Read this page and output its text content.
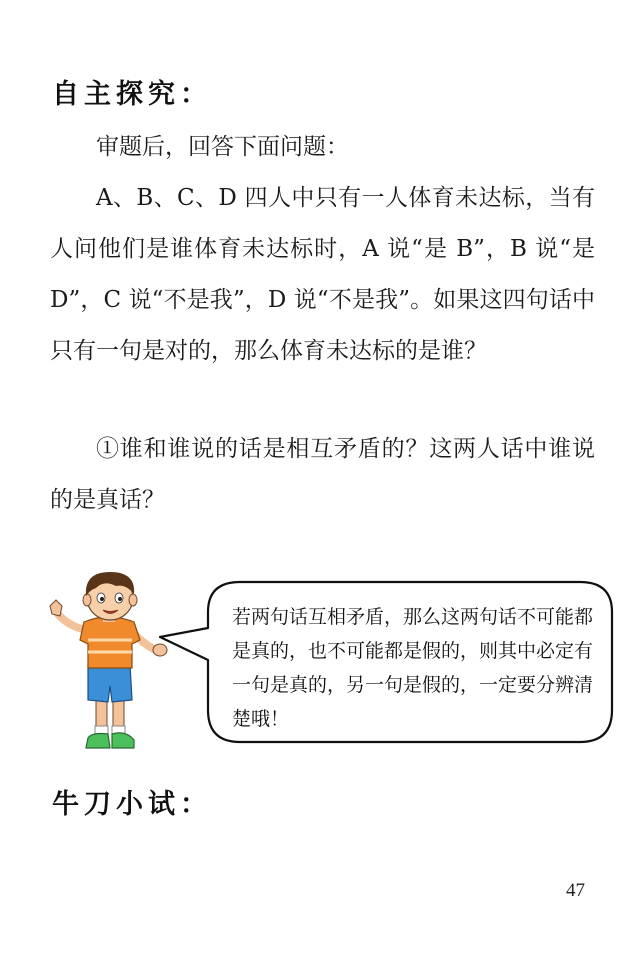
自主探究：

审题后，回答下面问题：

A、B、C、D 四人中只有一人体育未达标，当有人问他们是谁体育未达标时，A 说“是 B”，B 说“是 D”，C 说“不是我”，D 说“不是我”。如果这四句话中只有一句是对的，那么体育未达标的是谁？

①谁和谁说的话是相互矛盾的？这两人话中谁说的是真话？

若两句话互相矛盾，那么这两句话不可能都是真的，也不可能都是假的，则其中必定有一句是真的，另一句是假的，一定要分辨清楚哦！

牛刀小试：
47
